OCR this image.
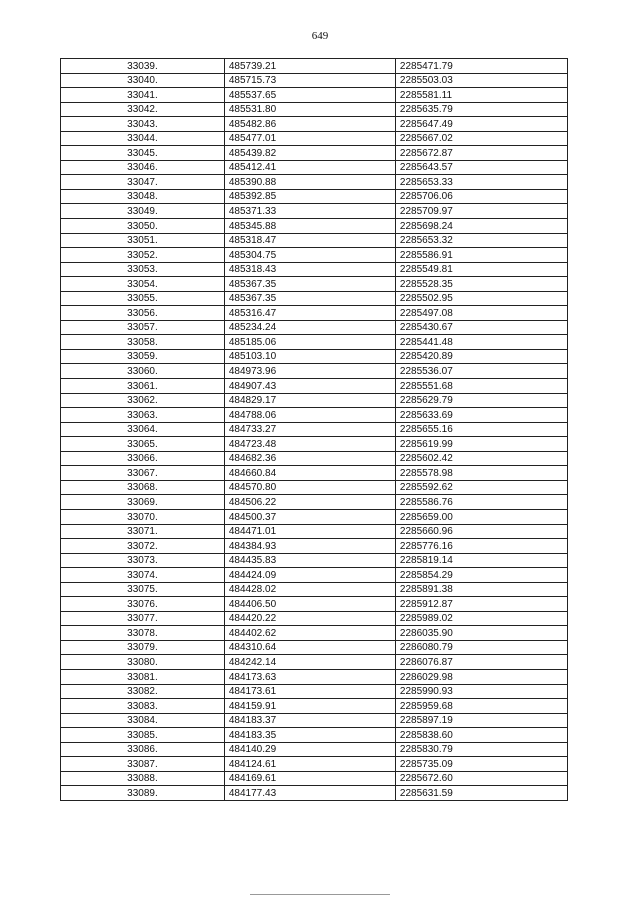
649
33039.	485739.21	2285471.79
33040.	485715.73	2285503.03
33041.	485537.65	2285581.11
33042.	485531.80	2285635.79
33043.	485482.86	2285647.49
33044.	485477.01	2285667.02
33045.	485439.82	2285672.87
33046.	485412.41	2285643.57
33047.	485390.88	2285653.33
33048.	485392.85	2285706.06
33049.	485371.33	2285709.97
33050.	485345.88	2285698.24
33051.	485318.47	2285653.32
33052.	485304.75	2285586.91
33053.	485318.43	2285549.81
33054.	485367.35	2285528.35
33055.	485367.35	2285502.95
33056.	485316.47	2285497.08
33057.	485234.24	2285430.67
33058.	485185.06	2285441.48
33059.	485103.10	2285420.89
33060.	484973.96	2285536.07
33061.	484907.43	2285551.68
33062.	484829.17	2285629.79
33063.	484788.06	2285633.69
33064.	484733.27	2285655.16
33065.	484723.48	2285619.99
33066.	484682.36	2285602.42
33067.	484660.84	2285578.98
33068.	484570.80	2285592.62
33069.	484506.22	2285586.76
33070.	484500.37	2285659.00
33071.	484471.01	2285660.96
33072.	484384.93	2285776.16
33073.	484435.83	2285819.14
33074.	484424.09	2285854.29
33075.	484428.02	2285891.38
33076.	484406.50	2285912.87
33077.	484420.22	2285989.02
33078.	484402.62	2286035.90
33079.	484310.64	2286080.79
33080.	484242.14	2286076.87
33081.	484173.63	2286029.98
33082.	484173.61	2285990.93
33083.	484159.91	2285959.68
33084.	484183.37	2285897.19
33085.	484183.35	2285838.60
33086.	484140.29	2285830.79
33087.	484124.61	2285735.09
33088.	484169.61	2285672.60
33089.	484177.43	2285631.59
